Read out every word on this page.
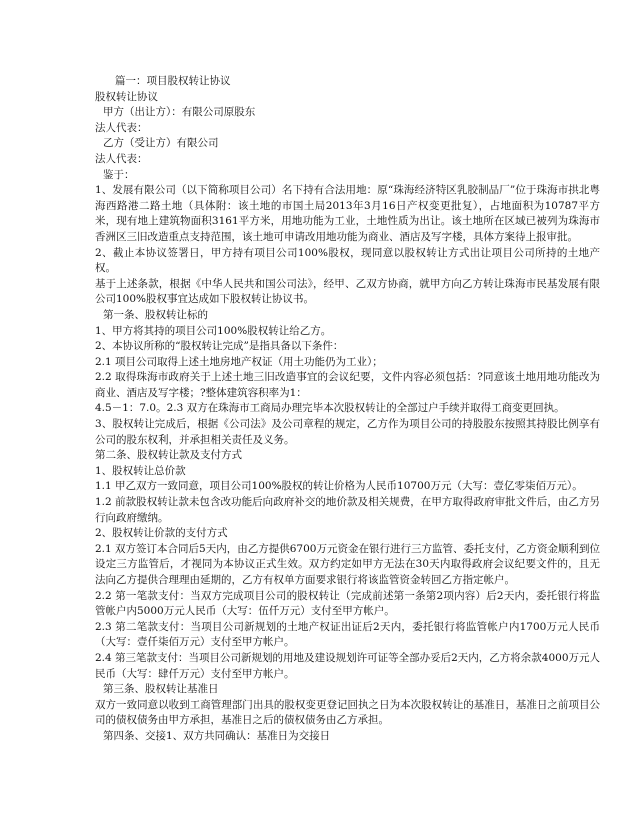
篇一：项目股权转让协议
股权转让协议
甲方（出让方）：有限公司原股东
法人代表：
乙方（受让方）有限公司
法人代表：
鉴于：
1、发展有限公司（以下简称项目公司）名下持有合法用地：原“珠海经济特区乳胶制品厂”位于珠海市拱北粤海西路港二路土地（具体附：该土地的市国土局2013年3月16日产权变更批复），占地面积为10787平方米，现有地上建筑物面积3161平方米，用地功能为工业，土地性质为出让。该土地所在区域已被列为珠海市香洲区三旧改造重点支持范围，该土地可申请改用地功能为商业、酒店及写字楼，具体方案待上报审批。
2、截止本协议签署日，甲方持有项目公司100%股权，现同意以股权转让方式出让项目公司所持的土地产权。
基于上述条款，根据《中华人民共和国公司法》，经甲、乙双方协商，就甲方向乙方转让珠海市民基发展有限公司100%股权事宜达成如下股权转让协议书。
第一条、股权转让标的
1、甲方将其持的项目公司100%股权转让给乙方。
2、本协议所称的“股权转让完成”是指具备以下条件：
2.1 项目公司取得上述土地房地产权证（用土功能仍为工业）；
2.2 取得珠海市政府关于上述土地三旧改造事宜的会议纪要，文件内容必须包括：?同意该土地用地功能改为商业、酒店及写字楼；?整体建筑容积率为1：
4.5－1：7.0。2.3 双方在珠海市工商局办理完毕本次股权转让的全部过户手续并取得工商变更回执。
3、股权转让完成后，根据《公司法》及公司章程的规定，乙方作为项目公司的持股股东按照其持股比例享有公司的股东权利，并承担相关责任及义务。
第二条、股权转让款及支付方式
1、股权转让总价款
1.1 甲乙双方一致同意，项目公司100%股权的转让价格为人民币10700万元（大写：壹亿零柒佰万元）。
1.2 前款股权转让款未包含改功能后向政府补交的地价款及相关规费，在甲方取得政府审批文件后，由乙方另行向政府缴纳。
2、股权转让价款的支付方式
2.1 双方签订本合同后5天内，由乙方提供6700万元资金在银行进行三方监管、委托支付，乙方资金顺利到位设定三方监管后，才视同为本协议正式生效。双方约定如甲方无法在30天内取得政府会议纪要文件的，且无法向乙方提供合理理由延期的，乙方有权单方面要求银行将该监管资金转回乙方指定帐户。
2.2 第一笔款支付：当双方完成项目公司的股权转让（完成前述第一条第2项内容）后2天内，委托银行将监管帐户内5000万元人民币（大写：伍仟万元）支付至甲方帐户。
2.3 第二笔款支付：当项目公司新规划的土地产权证出证后2天内，委托银行将监管帐户内1700万元人民币（大写：壹仟柒佰万元）支付至甲方帐户。
2.4 第三笔款支付：当项目公司新规划的用地及建设规划许可证等全部办妥后2天内，乙方将余款4000万元人民币（大写：肆仟万元）支付至甲方帐户。
第三条、股权转让基准日
双方一致同意以收到工商管理部门出具的股权变更登记回执之日为本次股权转让的基准日，基准日之前项目公司的债权债务由甲方承担，基准日之后的债权债务由乙方承担。
第四条、交接1、双方共同确认：基准日为交接日
